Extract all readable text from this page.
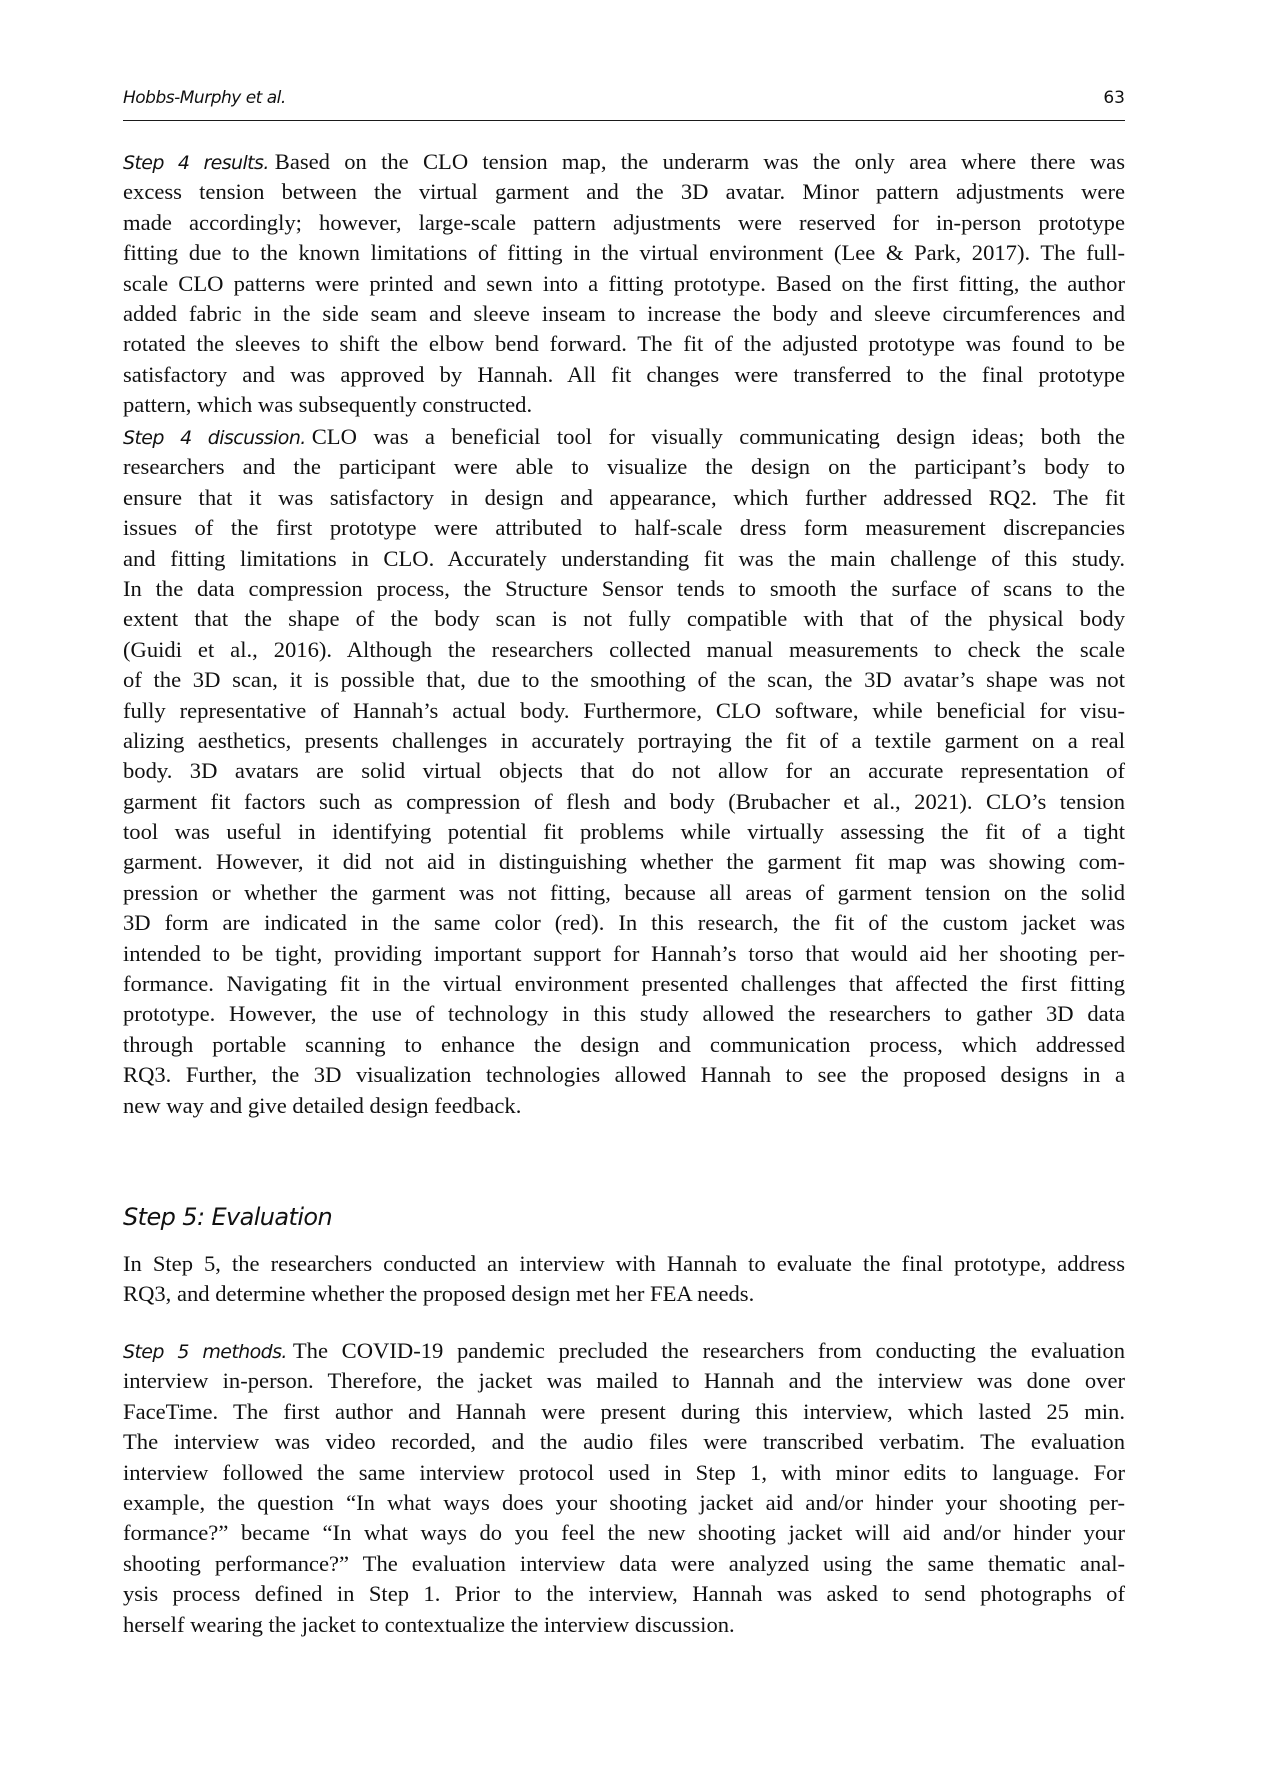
Hobbs-Murphy et al.	63
Step 4 results. Based on the CLO tension map, the underarm was the only area where there was
excess tension between the virtual garment and the 3D avatar. Minor pattern adjustments were
made accordingly; however, large-scale pattern adjustments were reserved for in-person prototype
fitting due to the known limitations of fitting in the virtual environment (Lee & Park, 2017). The full-
scale CLO patterns were printed and sewn into a fitting prototype. Based on the first fitting, the author
added fabric in the side seam and sleeve inseam to increase the body and sleeve circumferences and
rotated the sleeves to shift the elbow bend forward. The fit of the adjusted prototype was found to be
satisfactory and was approved by Hannah. All fit changes were transferred to the final prototype
pattern, which was subsequently constructed.
Step 4 discussion. CLO was a beneficial tool for visually communicating design ideas; both the
researchers and the participant were able to visualize the design on the participant’s body to
ensure that it was satisfactory in design and appearance, which further addressed RQ2. The fit
issues of the first prototype were attributed to half-scale dress form measurement discrepancies
and fitting limitations in CLO. Accurately understanding fit was the main challenge of this study.
In the data compression process, the Structure Sensor tends to smooth the surface of scans to the
extent that the shape of the body scan is not fully compatible with that of the physical body
(Guidi et al., 2016). Although the researchers collected manual measurements to check the scale
of the 3D scan, it is possible that, due to the smoothing of the scan, the 3D avatar’s shape was not
fully representative of Hannah’s actual body. Furthermore, CLO software, while beneficial for visu-
alizing aesthetics, presents challenges in accurately portraying the fit of a textile garment on a real
body. 3D avatars are solid virtual objects that do not allow for an accurate representation of
garment fit factors such as compression of flesh and body (Brubacher et al., 2021). CLO’s tension
tool was useful in identifying potential fit problems while virtually assessing the fit of a tight
garment. However, it did not aid in distinguishing whether the garment fit map was showing com-
pression or whether the garment was not fitting, because all areas of garment tension on the solid
3D form are indicated in the same color (red). In this research, the fit of the custom jacket was
intended to be tight, providing important support for Hannah’s torso that would aid her shooting per-
formance. Navigating fit in the virtual environment presented challenges that affected the first fitting
prototype. However, the use of technology in this study allowed the researchers to gather 3D data
through portable scanning to enhance the design and communication process, which addressed
RQ3. Further, the 3D visualization technologies allowed Hannah to see the proposed designs in a
new way and give detailed design feedback.
Step 5: Evaluation
In Step 5, the researchers conducted an interview with Hannah to evaluate the final prototype, address
RQ3, and determine whether the proposed design met her FEA needs.
Step 5 methods. The COVID-19 pandemic precluded the researchers from conducting the evaluation
interview in-person. Therefore, the jacket was mailed to Hannah and the interview was done over
FaceTime. The first author and Hannah were present during this interview, which lasted 25 min.
The interview was video recorded, and the audio files were transcribed verbatim. The evaluation
interview followed the same interview protocol used in Step 1, with minor edits to language. For
example, the question “In what ways does your shooting jacket aid and/or hinder your shooting per-
formance?” became “In what ways do you feel the new shooting jacket will aid and/or hinder your
shooting performance?” The evaluation interview data were analyzed using the same thematic anal-
ysis process defined in Step 1. Prior to the interview, Hannah was asked to send photographs of
herself wearing the jacket to contextualize the interview discussion.
